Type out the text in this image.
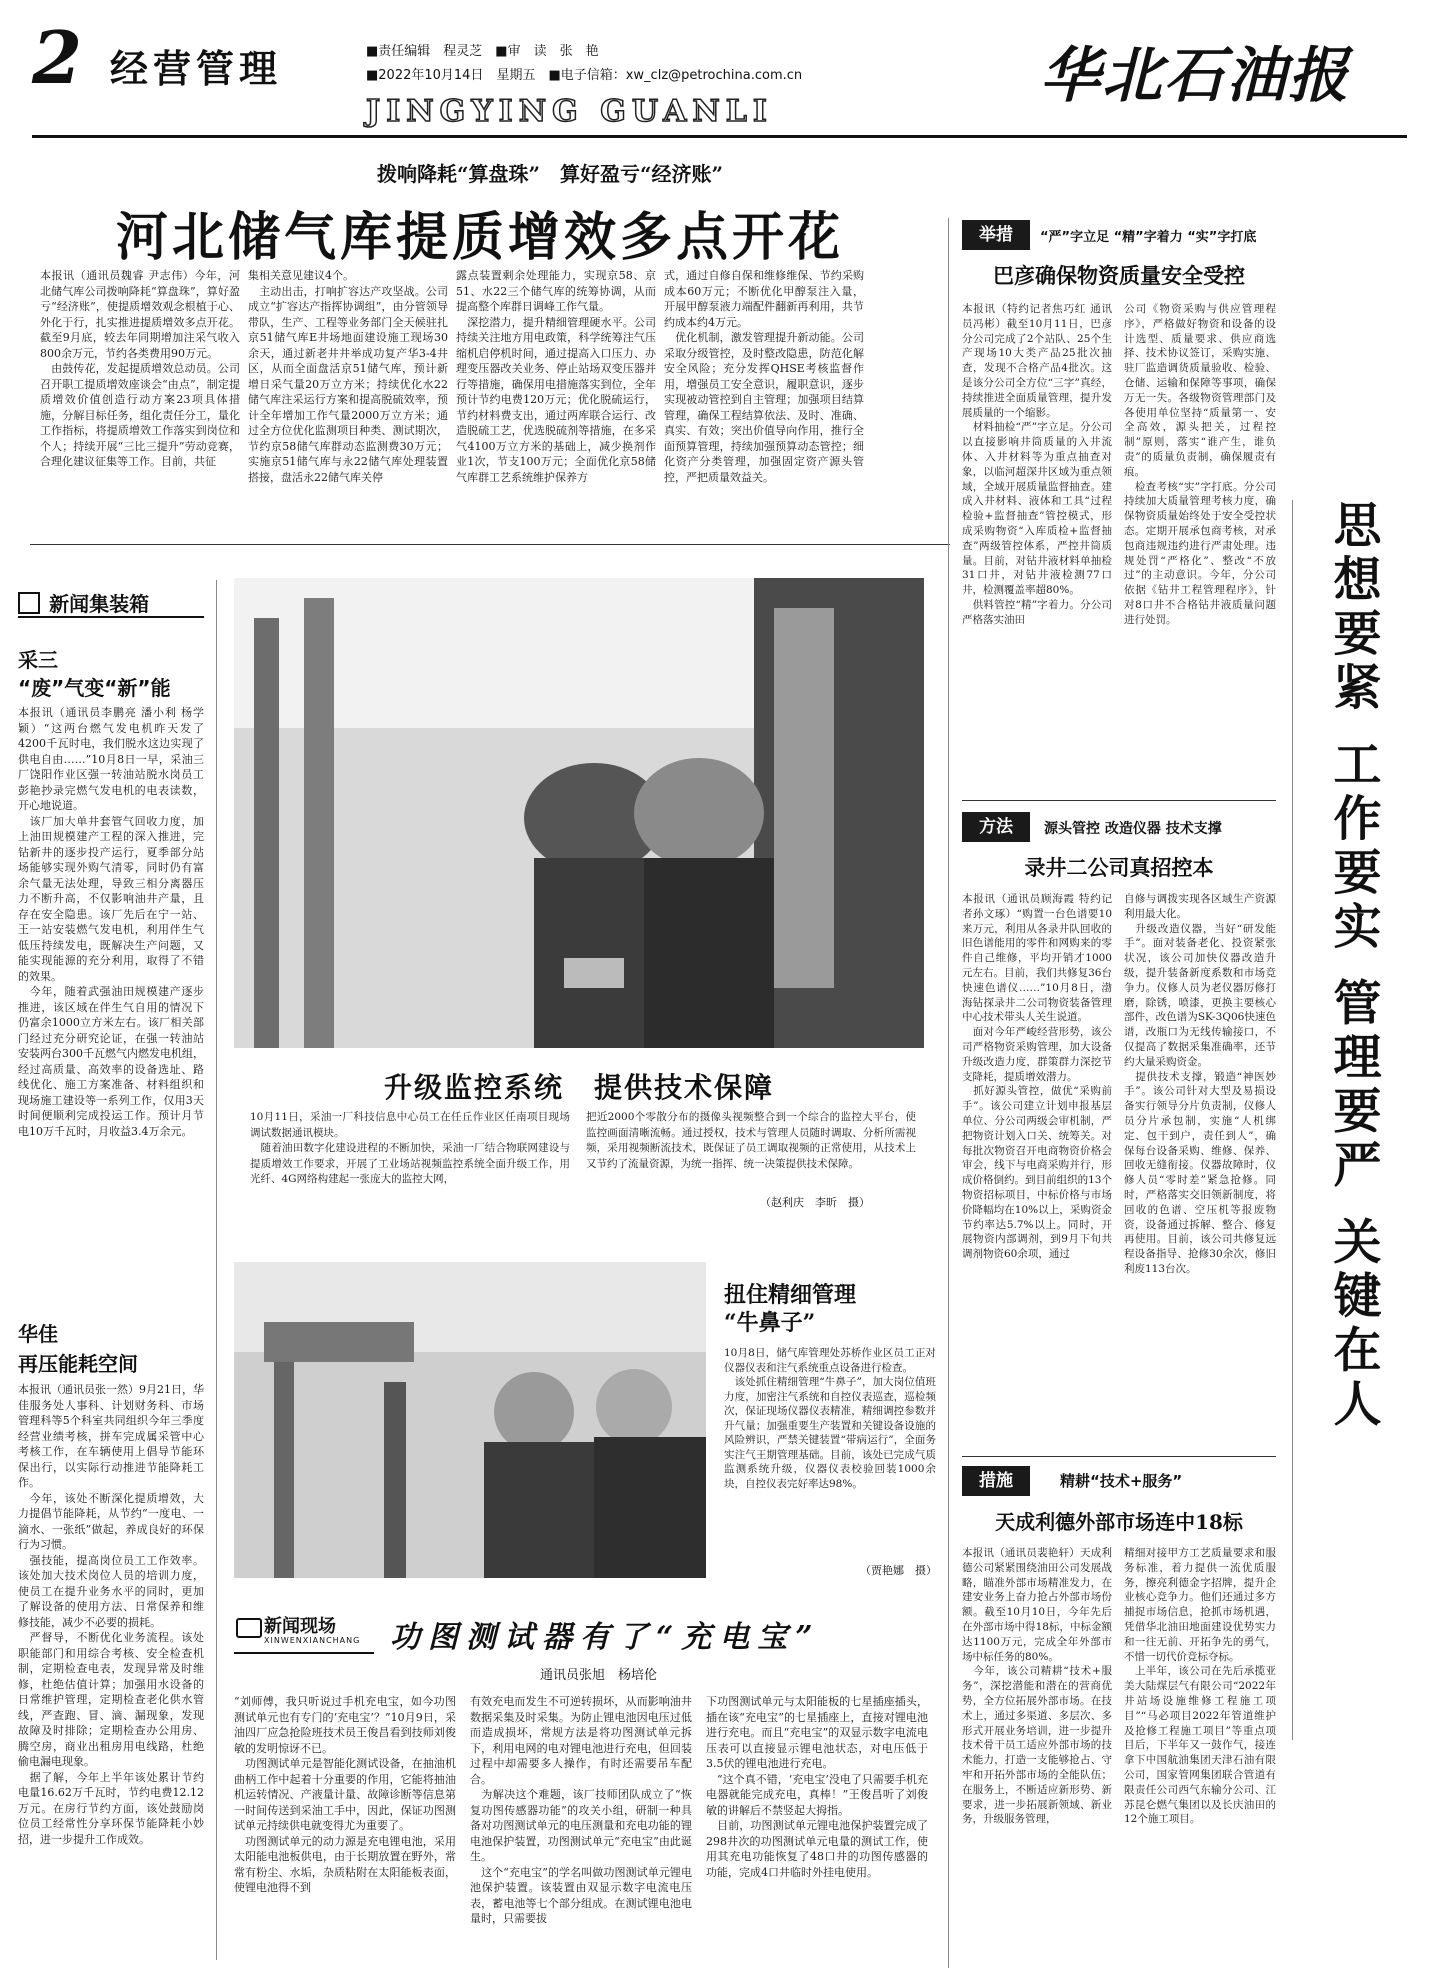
2 经营管理	■责任编辑　程灵芝　■审　读　张　艳
■2022年10月14日　星期五　■电子信箱：xw_clz@petrochina.com.cn
JINGYING GUANLI
华北石油报
拨响降耗“算盘珠”　算好盈亏“经济账”
河北储气库提质增效多点开花
本报讯（通讯员魏睿 尹志伟）今年，河北储气库公司拨响降耗“算盘珠”，算好盈亏“经济账”，使提质增效观念根植于心、外化于行，扎实推进提质增效多点开花。截至9月底，较去年同期增加注采气收入800余万元，节约各类费用90万元。
　由鼓传花，发起提质增效总动员。公司召开职工提质增效座谈会“由点”，制定提质增效价值创造行动方案23项具体措施，分解目标任务，组化责任分工，量化工作指标，将提质增效工作落实到岗位和个人；持续开展“三比三提升”劳动竞赛，合理化建议征集等工作。目前，共征
集相关意见建议4个。
　主动出击，打响扩容达产攻坚战。公司成立“扩容达产指挥协调组”，由分管领导带队，生产、工程等业务部门全天候驻扎京51储气库E井场地面建设施工现场30余天，通过新老井井举成功复产华3-4井区，从而全面盘活京51储气库，预计新增日采气量20万立方米；持续优化水22储气库注采运行方案和提高脱硫效率，预计全年增加工作气量2000万立方米；通过全方位优化监测项目种类、测试期次，节约京58储气库群动态监测费30万元；实施京51储气库与永22储气库处理装置搭接，盘活永22储气库关停
露点装置剩余处理能力，实现京58、京51、水22三个储气库的统筹协调，从而提高整个库群日调峰工作气量。
　深挖潜力，提升精细管理硬水平。公司持续关注地方用电政策，科学统筹注气压缩机启停机时间，通过提高入口压力、办理变压器改关业务、停止站场双变压器并行等措施，确保用电措施落实到位，全年预计节约电费120万元；优化脱硫运行，节约材料费支出，通过两库联合运行、改造脱硫工艺，优选脱硫剂等措施，在多采气4100万立方米的基础上，减少换剂作业1次，节支100万元；全面优化京58储气库群工艺系统维护保养方
式，通过自修自保和维修维保、节约采购成本60万元；不断优化甲醇泵注入量，开展甲醇泵液力端配件翻新再利用，共节约成本约4万元。
　优化机制，激发管理提升新动能。公司采取分级管控，及时整改隐患，防范化解安全风险；充分发挥QHSE考核监督作用，增强员工安全意识，履职意识，逐步实现被动管控到自主管理；加强项目结算管理，确保工程结算依法、及时、准确、真实、有效；突出价值导向作用，推行全面预算管理，持续加强预算动态管控；细化资产分类管理，加强固定资产源头管控，严把质量效益关。
新闻集装箱
采三
“废”气变“新”能
本报讯（通讯员李鹏亮 潘小利 杨学颖）“这两台燃气发电机昨天发了4200千瓦时电，我们脱水这边实现了供电自由……”10月8日一早，采油三厂饶阳作业区强一转油站脱水岗员工彭艳抄录完燃气发电机的电表读数，开心地说道。
　该厂加大单井套管气回收力度，加上油田规模建产工程的深入推进，完钻新井的逐步投产运行，夏季部分站场能够实现外购气清零，同时仍有富余气量无法处理，导致三相分离器压力不断升高，不仅影响油井产量，且存在安全隐患。该厂先后在宁一站、王一站安装燃气发电机，利用伴生气低压持续发电，既解决生产问题，又能实现能源的充分利用，取得了不错的效果。
　今年，随着武强油田规模建产逐步推进，该区域在伴生气自用的情况下仍富余1000立方米左右。该厂相关部门经过充分研究论证，在强一转油站安装两台300千瓦燃气内燃发电机组，经过高质量、高效率的设备选址、路线优化、施工方案准备、材料组织和现场施工建设等一系列工作，仅用3天时间便顺利完成投运工作。预计月节电10万千瓦时，月收益3.4万余元。
华佳
再压能耗空间
本报讯（通讯员张一然）9月21日，华佳服务处人事科、计划财务科、市场管理科等5个科室共同组织今年三季度经营业绩考核，拼车完成属采管中心考核工作，在车辆使用上倡导节能环保出行，以实际行动推进节能降耗工作。
　今年，该处不断深化提质增效，大力提倡节能降耗，从节约“一度电、一滴水、一张纸”做起，养成良好的环保行为习惯。
　强技能，提高岗位员工工作效率。该处加大技术岗位人员的培训力度，使员工在提升业务水平的同时，更加了解设备的使用方法、日常保养和维修技能，减少不必要的损耗。
　严督导，不断优化业务流程。该处职能部门和用综合考核、安全检查机制，定期检查电表，发现异常及时维修，杜绝估值计算；加强用水设备的日常维护管理，定期检查老化供水管线，严查跑、冒、滴、漏现象，发现故障及时排除；定期检查办公用房、腾空房，商业出租房用电线路，杜绝偷电漏电现象。
　据了解，今年上半年该处累计节约电量16.62万千瓦时，节约电费12.12万元。在房行节约方面，该处鼓励岗位员工经常性分享环保节能降耗小妙招，进一步提升工作成效。
升级监控系统　提供技术保障
10月11日，采油一厂科技信息中心员工在任丘作业区任南项目现场调试数据通讯模块。
　随着油田数字化建设进程的不断加快，采油一厂结合物联网建设与提质增效工作要求，开展了工业场站视频监控系统全面升级工作，用光纤、4G网络构建起一张庞大的监控大网，
把近2000个零散分布的摄像头视频整合到一个综合的监控大平台，使监控画面清晰流畅。通过授权，技术与管理人员随时调取、分析所需视频，采用视频断流技术，既保证了员工调取视频的正常使用，从技术上又节约了流量资源，为统一指挥、统一决策提供技术保障。
（赵利庆　李昕　摄）
扭住精细管理
“牛鼻子”
10月8日，储气库管理处苏桥作业区员工正对仪器仪表和注气系统重点设备进行检查。
　该处抓住精细管理“牛鼻子”，加大岗位值班力度，加密注气系统和自控仪表巡查，巡检频次，保证现场仪器仪表精准，精细调控参数并升气量；加强重要生产装置和关键设备设施的风险辨识，严禁关键装置“带病运行”，全面务实注气王期管理基础。目前，该处已完成气质监测系统升级，仪器仪表校验回装1000余块，自控仪表完好率达98%。
（贾艳娜　摄）
新闻现场
XINWENXIANCHANG 功图测试器有了“充电宝”
通讯员张旭　杨培伦
“刘师傅，我只听说过手机充电宝，如今功图测试单元也有专门的‘充电宝’？”10月9日，采油四厂应急抢险班技术员王俊昌看到技师刘俊敏的发明惊讶不已。
　功图测试单元是智能化测试设备，在抽油机曲柄工作中起着十分重要的作用，它能将抽油机运转情况、产液量计量、故障诊断等信息第一时间传送到采油工手中，因此，保证功图测试单元持续供电就变得尤为重要了。
　功图测试单元的动力源是充电锂电池，采用太阳能电池板供电，由于长期放置在野外，常常有粉尘、水垢，杂质粘附在太阳能板表面，使锂电池得不到
有效充电而发生不可逆转损坏，从而影响油井数据采集及时采集。为防止锂电池因电压过低而造成损坏，常规方法是将功图测试单元拆下，利用电网的电对锂电池进行充电，但回装过程中却需要多人操作，有时还需要吊车配合。
　为解决这个难题，该厂技师团队成立了“恢复功图传感器功能”的攻关小组，研制一种具备对功图测试单元的电压测量和充电功能的锂电池保护装置，功图测试单元“充电宝”由此诞生。
　这个“充电宝”的学名叫做功图测试单元锂电池保护装置。该装置由双显示数字电流电压表，蓄电池等七个部分组成。在测试锂电池电量时，只需要拔
下功图测试单元与太阳能板的七星插座插头，插在该“充电宝”的七星插座上，直接对锂电池进行充电。而且“充电宝”的双显示数字电流电压表可以直接显示锂电池状态，对电压低于3.5伏的锂电池进行充电。
　“这个真不错，‘充电宝’没电了只需要手机充电器就能完成充电，真棒！”王俊昌听了刘俊敏的讲解后不禁竖起大拇指。
　目前，功图测试单元锂电池保护装置完成了298井次的功图测试单元电量的测试工作，使用其充电功能恢复了48口井的功图传感器的功能，完成4口井临时外挂电使用。
举措	“严”字立足 “精”字着力 “实”字打底
巴彦确保物资质量安全受控
本报讯（特约记者焦巧红 通讯员冯彬）截至10月11日，巴彦分公司完成了2个站队、25个生产现场10大类产品25批次抽查，发现不合格产品4批次。这是该分公司全方位“三字”真经，持续推进全面质量管理，提升发展质量的一个缩影。
　材料抽检“严”字立足。分公司以直接影响井筒质量的入井流体、入井材料等为重点抽查对象，以临河超深井区域为重点领域，全域开展质量监督抽查。建成入井材料、液体和工具“过程检验+监督抽查”管控模式，形成采购物资“入库质检+监督抽查”两级管控体系，严控井筒质量。目前，对钻井液材料单抽检31口井，对钻井液检测77口井，检测覆盖率超80%。
　供料管控“精”字着力。分公司严格落实油田
公司《物资采购与供应管理程序》，严格做好物资和设备的设计选型、质量要求、供应商选择、技术协议签订，采购实施、驻厂监造调货质量验收、检验、仓储、运输和保障等事项，确保万无一失。各级物资管理部门及各使用单位坚持“质量第一、安全高效，源头把关，过程控制”原则，落实“谁产生，谁负责”的质量负责制，确保履责有痕。
　检查考核“实”字打底。分公司持续加大质量管理考核力度，确保物资质量始终处于安全受控状态。定期开展承包商考核，对承包商违规违约进行严肃处理。违规处罚“严格化”、整改“不放过”的主动意识。今年，分公司依据《钻井工程管理程序》，针对8口井不合格钻井液质量问题进行处罚。
方法	源头管控 改造仪器 技术支撑
录井二公司真招控本
本报讯（通讯员顾海霞 特约记者孙文琢）“购置一台色谱要10来万元，利用从各录井队回收的旧色谱能用的零件和网购来的零件自己维修，平均开销才1000元左右。目前，我们共修复36台快速色谱仪……”10月8日，渤海钻探录井二公司物资装备管理中心技术带头人关生说道。
　面对今年严峻经营形势，该公司严格物资采购管理，加大设备升级改造力度，群策群力深挖节支降耗，提质增效潜力。
　抓好源头管控，做优“采购前手”。该公司建立计划申报基层单位、分公司两级会审机制，严把物资计划入口关、统筹关。对每批次物资召开电商物资价格会审会，线下与电商采购并行，形成价格倒约。到目前组织的13个物资招标项目，中标价格与市场价降幅均在10%以上，采购资金节约率达5.7%以上。同时，开展物资内部调剂，到9月下旬共调剂物资60余项，通过
自修与调拨实现各区域生产资源利用最大化。
　升级改造仪器，当好“研发能手”。面对装备老化、投资紧张状况，该公司加快仪器改造升级，提升装备新度系数和市场竞争力。仪修人员为老仪器厉修打磨，除锈，喷漆，更换主要核心部件，改色谱为SK-3Q06快速色谱，改瓶口为无线传输接口，不仅提高了数据采集准确率，还节约大量采购资金。
　提供技术支撑，锻造“神医妙手”。该公司针对大型及易损设备实行领导分片负责制，仪修人员分片承包制，实施“人机绑定、包干到户，责任到人”，确保每台设备采购、维修、保养、回收无缝衔接。仪器故障时，仪修人员“零时差”紧急抢修。同时，严格落实交旧领新制度，将回收的色谱、空压机等报废物资，设备通过拆解、整合、修复再使用。目前，该公司共修复远程设备指导、抢修30余次，修旧利废113台次。
措施	精耕“技术+服务”
天成利德外部市场连中18标
本报讯（通讯员裴艳轩）天成利德公司紧紧围绕油田公司发展战略，瞄准外部市场精准发力，在建安业务上奋力抢占外部市场份额。截至10月10日，今年先后在外部市场中得18标，中标金额达1100万元，完成全年外部市场中标任务的80%。
　今年，该公司精耕“技术+服务”，深挖潜能和潜在的营商优势，全方位拓展外部市场。在技术上，通过多渠道、多层次、多形式开展业务培训，进一步提升技术骨干员工适应外部市场的技术能力，打造一支能够抢占、守牢和开拓外部市场的全能队伍；在服务上，不断适应新形势、新要求，进一步拓展新领域、新业务，升级服务管理，
精细对接甲方工艺质量要求和服务标准，着力提供一流优质服务，擦亮利德金字招牌，提升企业核心竞争力。他们还通过多方捕捉市场信息，抢抓市场机遇，凭借华北油田地面建设优势实力和一往无前、开拓争先的勇气，不惜一切代价竞标夺标。
　上半年，该公司在先后承揽亚美大陆煤层气有限公司“2022年井站场设施维修工程施工项目”“马必项目2022年管道维护及抢修工程施工项目”等重点项目后，下半年又一鼓作气，接连拿下中国航油集团天津石油有限公司，国家管网集团联合管道有限责任公司西气东输分公司、江苏昆仑燃气集团以及长庆油田的12个施工项目。
思想要紧 工作要实 管理要严 关键在人
